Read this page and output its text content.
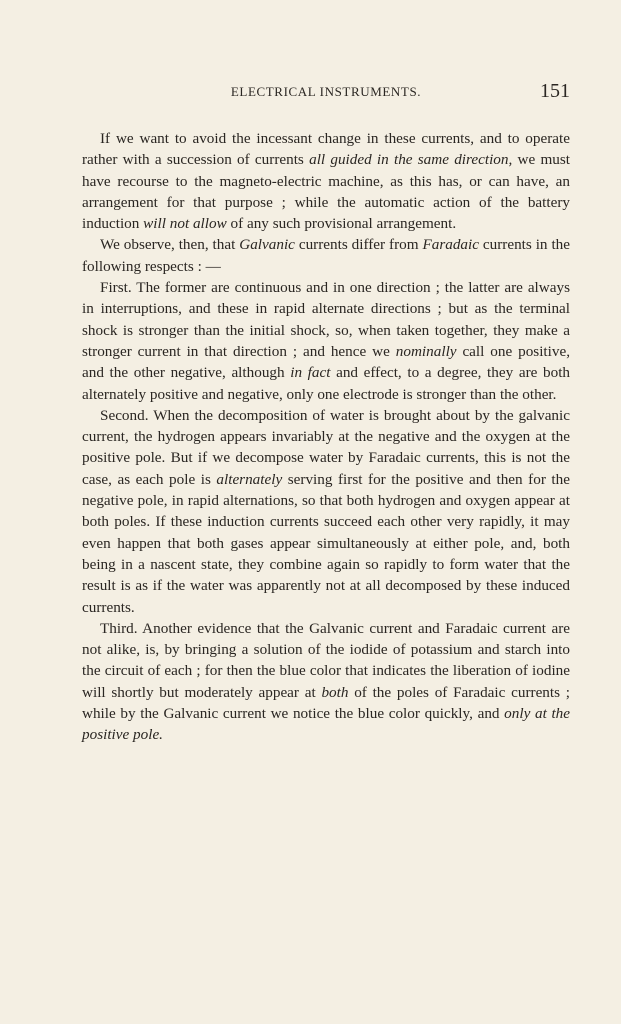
ELECTRICAL INSTRUMENTS.	151

If we want to avoid the incessant change in these currents, and to operate rather with a succession of currents all guided in the same direction, we must have recourse to the magneto-electric machine, as this has, or can have, an arrangement for that purpose ; while the automatic action of the battery induction will not allow of any such provisional arrangement.

We observe, then, that Galvanic currents differ from Faradaic currents in the following respects : —

First. The former are continuous and in one direction ; the latter are always in interruptions, and these in rapid alternate directions ; but as the terminal shock is stronger than the initial shock, so, when taken together, they make a stronger current in that direction ; and hence we nominally call one positive, and the other negative, although in fact and effect, to a degree, they are both alternately positive and negative, only one electrode is stronger than the other.

Second. When the decomposition of water is brought about by the galvanic current, the hydrogen appears invariably at the negative and the oxygen at the positive pole. But if we decompose water by Faradaic currents, this is not the case, as each pole is alternately serving first for the positive and then for the negative pole, in rapid alternations, so that both hydrogen and oxygen appear at both poles. If these induction currents succeed each other very rapidly, it may even happen that both gases appear simultaneously at either pole, and, both being in a nascent state, they combine again so rapidly to form water that the result is as if the water was apparently not at all decomposed by these induced currents.

Third. Another evidence that the Galvanic current and Faradaic current are not alike, is, by bringing a solution of the iodide of potassium and starch into the circuit of each ; for then the blue color that indicates the liberation of iodine will shortly but moderately appear at both of the poles of Faradaic currents ; while by the Galvanic current we notice the blue color quickly, and only at the positive pole.
